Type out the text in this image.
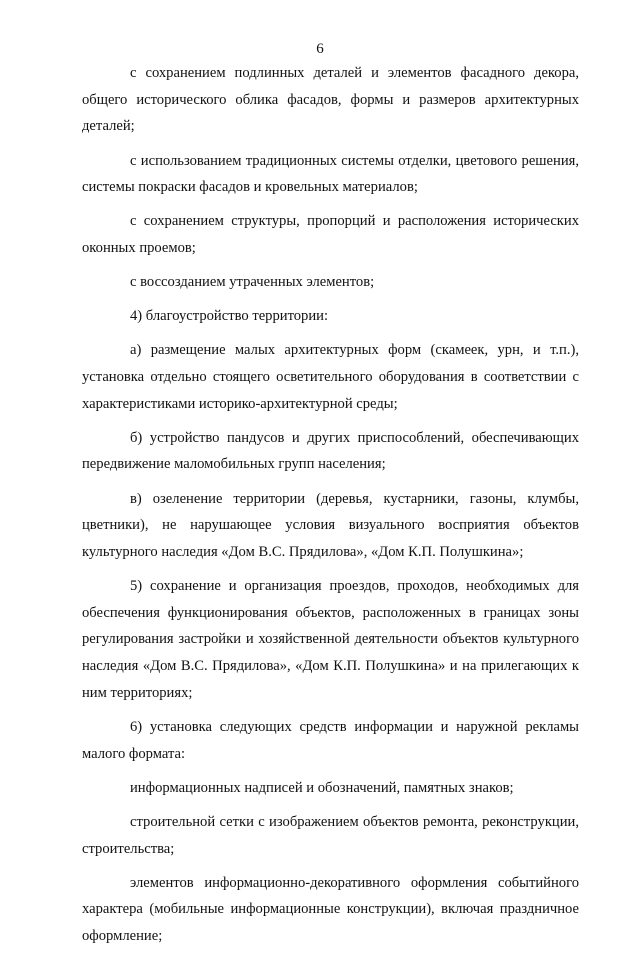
6

с сохранением подлинных деталей и элементов фасадного декора, общего исторического облика фасадов, формы и размеров архитектурных деталей;

с использованием традиционных системы отделки, цветового решения, системы покраски фасадов и кровельных материалов;

с сохранением структуры, пропорций и расположения исторических оконных проемов;

с воссозданием утраченных элементов;

4) благоустройство территории:

а) размещение малых архитектурных форм (скамеек, урн, и т.п.), установка отдельно стоящего осветительного оборудования в соответствии с характеристиками историко-архитектурной среды;

б) устройство пандусов и других приспособлений, обеспечивающих передвижение маломобильных групп населения;

в) озеленение территории (деревья, кустарники, газоны, клумбы, цветники), не нарушающее условия визуального восприятия объектов культурного наследия «Дом В.С. Прядилова», «Дом К.П. Полушкина»;

5) сохранение и организация проездов, проходов, необходимых для обеспечения функционирования объектов, расположенных в границах зоны регулирования застройки и хозяйственной деятельности объектов культурного наследия «Дом В.С. Прядилова», «Дом К.П. Полушкина» и на прилегающих к ним территориях;

6) установка следующих средств информации и наружной рекламы малого формата:

информационных надписей и обозначений, памятных знаков;

строительной сетки с изображением объектов ремонта, реконструкции, строительства;

элементов информационно-декоративного оформления событийного характера (мобильные информационные конструкции), включая праздничное оформление;
